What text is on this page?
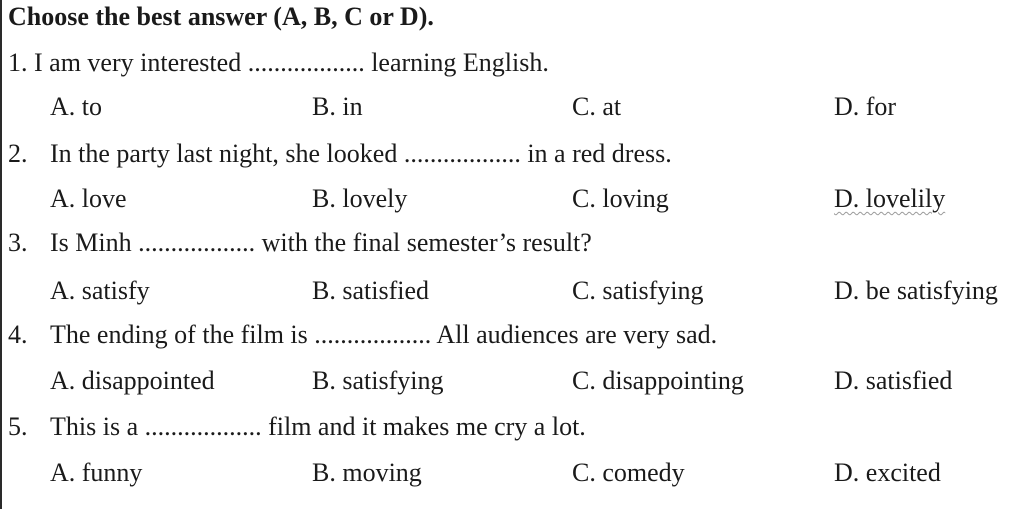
Choose the best answer (A, B, C or D).
1. I am very interested .................. learning English.
A. to	B. in	C. at	D. for
2. In the party last night, she looked .................. in a red dress.
A. love	B. lovely	C. loving	D. lovelily
3. Is Minh .................. with the final semester’s result?
A. satisfy	B. satisfied	C. satisfying	D. be satisfying
4. The ending of the film is .................. All audiences are very sad.
A. disappointed	B. satisfying	C. disappointing	D. satisfied
5. This is a .................. film and it makes me cry a lot.
A. funny	B. moving	C. comedy	D. excited
